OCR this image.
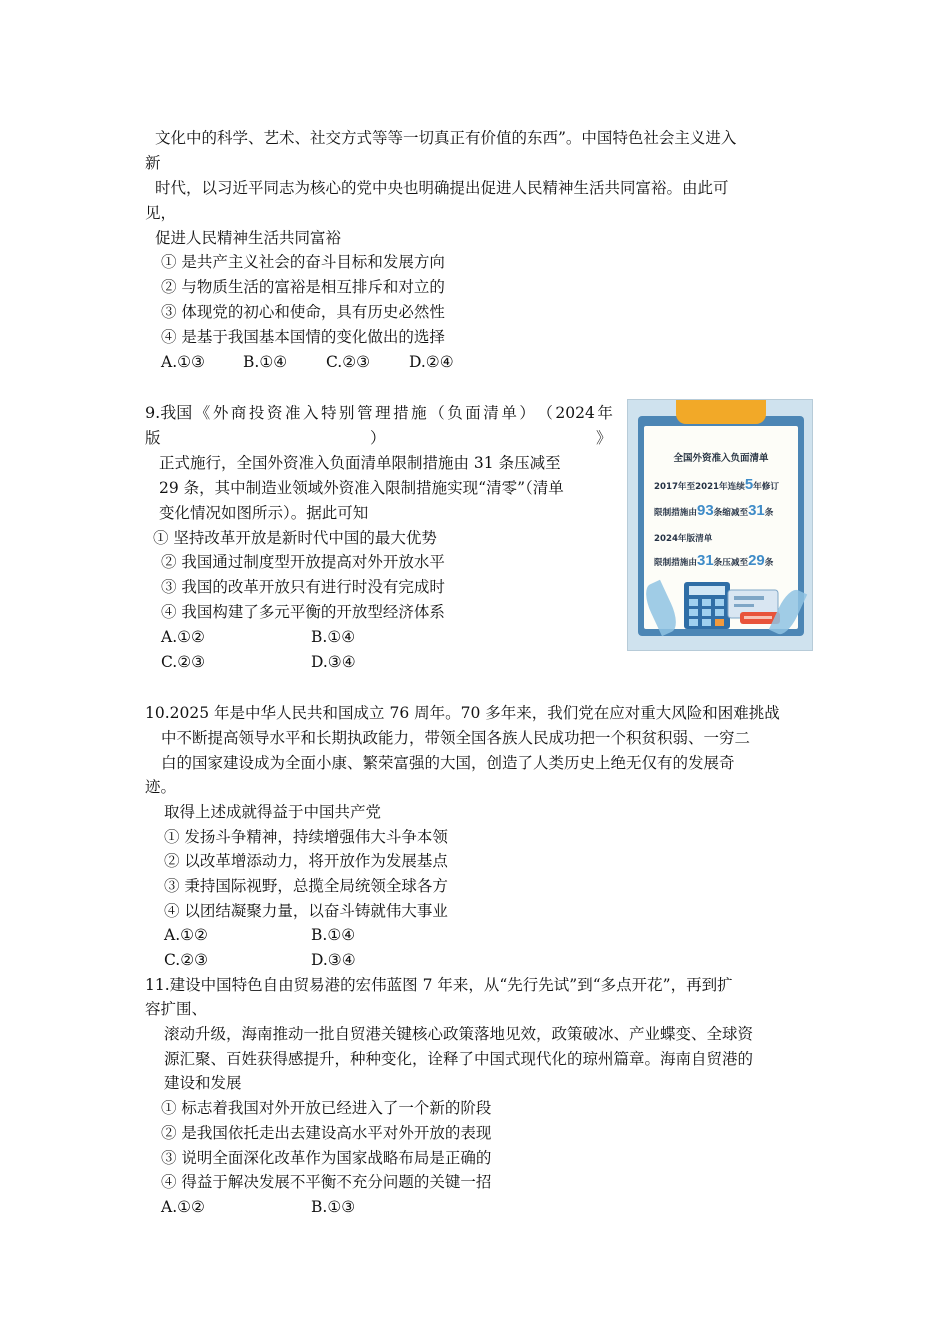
文化中的科学、艺术、社交方式等等一切真正有价值的东西”。中国特色社会主义进入
新
时代，以习近平同志为核心的党中央也明确提出促进人民精神生活共同富裕。由此可
见，
促进人民精神生活共同富裕
① 是共产主义社会的奋斗目标和发展方向
② 与物质生活的富裕是相互排斥和对立的
③ 体现党的初心和使命，具有历史必然性
④ 是基于我国基本国情的变化做出的选择
A.①③ B.①④	C.②③	D.②④
9.我国 《 外 商 投 资 准 入 特 别 管 理 措 施 （ 负 面 清 单 ） （ 2024 年
版	）	》
正式施行，全国外资准入负面清单限制措施由 31 条压减至
29 条，其中制造业领域外资准入限制措施实现“清零”（清单
变化情况如图所示）。据此可知
① 坚持改革开放是新时代中国的最大优势
② 我国通过制度型开放提高对外开放水平
③ 我国的改革开放只有进行时没有完成时
④ 我国构建了多元平衡的开放型经济体系
A.①②	B.①④
C.②③	D.③④
全国外资准入负面清单
2017年至2021年连续5年修订
限制措施由93条缩减至31条
2024年版清单
限制措施由31条压减至29条
10.2025 年是中华人民共和国成立 76 周年。70 多年来，我们党在应对重大风险和困难挑战
中不断提高领导水平和长期执政能力，带领全国各族人民成功把一个积贫积弱、一穷二
白的国家建设成为全面小康、繁荣富强的大国，创造了人类历史上绝无仅有的发展奇
迹。
取得上述成就得益于中国共产党
① 发扬斗争精神，持续增强伟大斗争本领
② 以改革增添动力，将开放作为发展基点
③ 秉持国际视野，总揽全局统领全球各方
④ 以团结凝聚力量，以奋斗铸就伟大事业
A.①②	B.①④
C.②③	D.③④
11.建设中国特色自由贸易港的宏伟蓝图 7 年来，从“先行先试”到“多点开花”，再到扩
容扩围、
滚动升级，海南推动一批自贸港关键核心政策落地见效，政策破冰、产业蝶变、全球资
源汇聚、百姓获得感提升，种种变化，诠释了中国式现代化的琼州篇章。海南自贸港的
建设和发展
① 标志着我国对外开放已经进入了一个新的阶段
② 是我国依托走出去建设高水平对外开放的表现
③ 说明全面深化改革作为国家战略布局是正确的
④ 得益于解决发展不平衡不充分问题的关键一招
A.①②	B.①③
